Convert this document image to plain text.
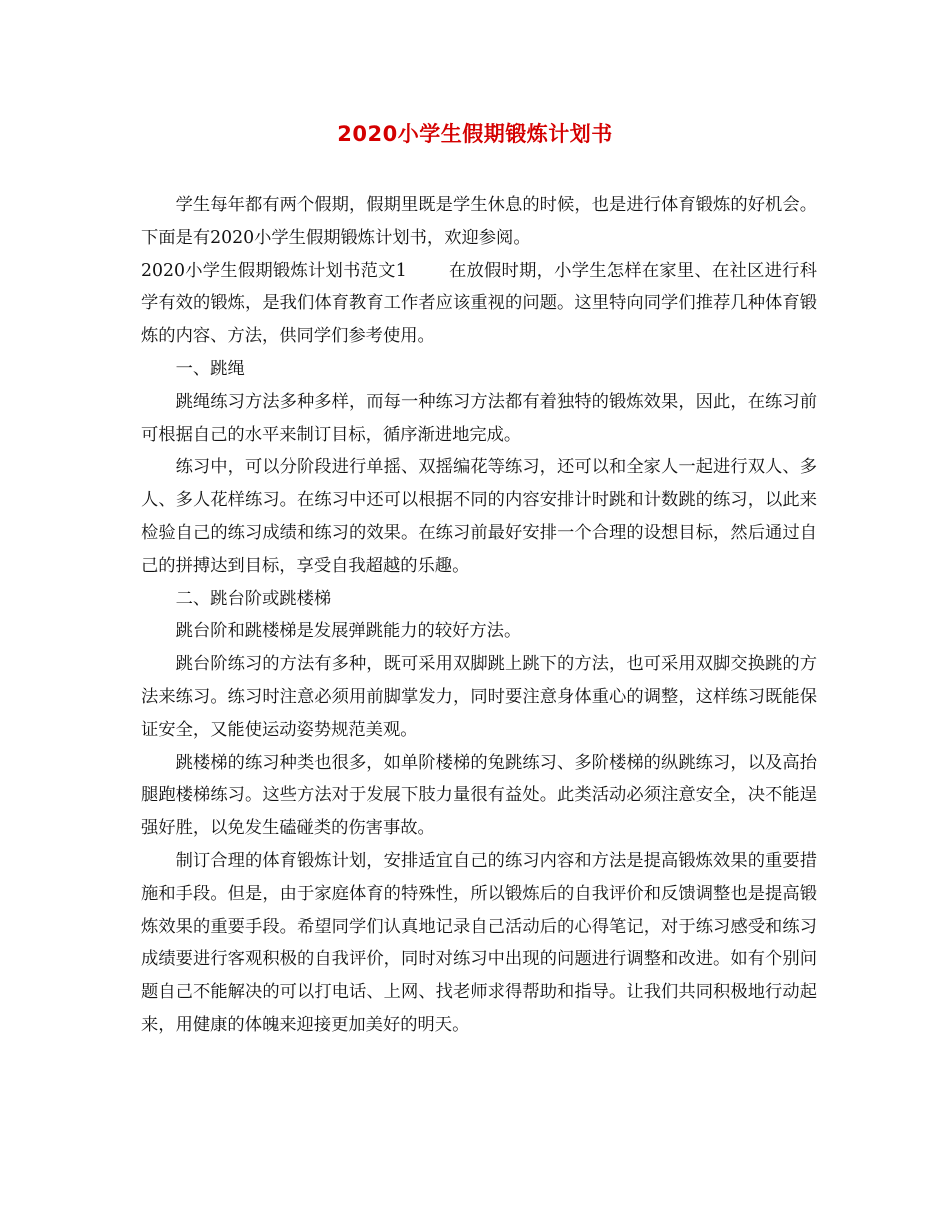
2020小学生假期锻炼计划书

学生每年都有两个假期，假期里既是学生休息的时候，也是进行体育锻炼的好机会。下面是有2020小学生假期锻炼计划书，欢迎参阅。

2020小学生假期锻炼计划书范文1 在放假时期，小学生怎样在家里、在社区进行科学有效的锻炼，是我们体育教育工作者应该重视的问题。这里特向同学们推荐几种体育锻炼的内容、方法，供同学们参考使用。

一、跳绳

跳绳练习方法多种多样，而每一种练习方法都有着独特的锻炼效果，因此，在练习前可根据自己的水平来制订目标，循序渐进地完成。

练习中，可以分阶段进行单摇、双摇编花等练习，还可以和全家人一起进行双人、多人、多人花样练习。在练习中还可以根据不同的内容安排计时跳和计数跳的练习，以此来检验自己的练习成绩和练习的效果。在练习前最好安排一个合理的设想目标，然后通过自己的拼搏达到目标，享受自我超越的乐趣。

二、跳台阶或跳楼梯

跳台阶和跳楼梯是发展弹跳能力的较好方法。

跳台阶练习的方法有多种，既可采用双脚跳上跳下的方法，也可采用双脚交换跳的方法来练习。练习时注意必须用前脚掌发力，同时要注意身体重心的调整，这样练习既能保证安全，又能使运动姿势规范美观。

跳楼梯的练习种类也很多，如单阶楼梯的兔跳练习、多阶楼梯的纵跳练习，以及高抬腿跑楼梯练习。这些方法对于发展下肢力量很有益处。此类活动必须注意安全，决不能逞强好胜，以免发生磕碰类的伤害事故。

制订合理的体育锻炼计划，安排适宜自己的练习内容和方法是提高锻炼效果的重要措施和手段。但是，由于家庭体育的特殊性，所以锻炼后的自我评价和反馈调整也是提高锻炼效果的重要手段。希望同学们认真地记录自己活动后的心得笔记，对于练习感受和练习成绩要进行客观积极的自我评价，同时对练习中出现的问题进行调整和改进。如有个别问题自己不能解决的可以打电话、上网、找老师求得帮助和指导。让我们共同积极地行动起来，用健康的体魄来迎接更加美好的明天。
